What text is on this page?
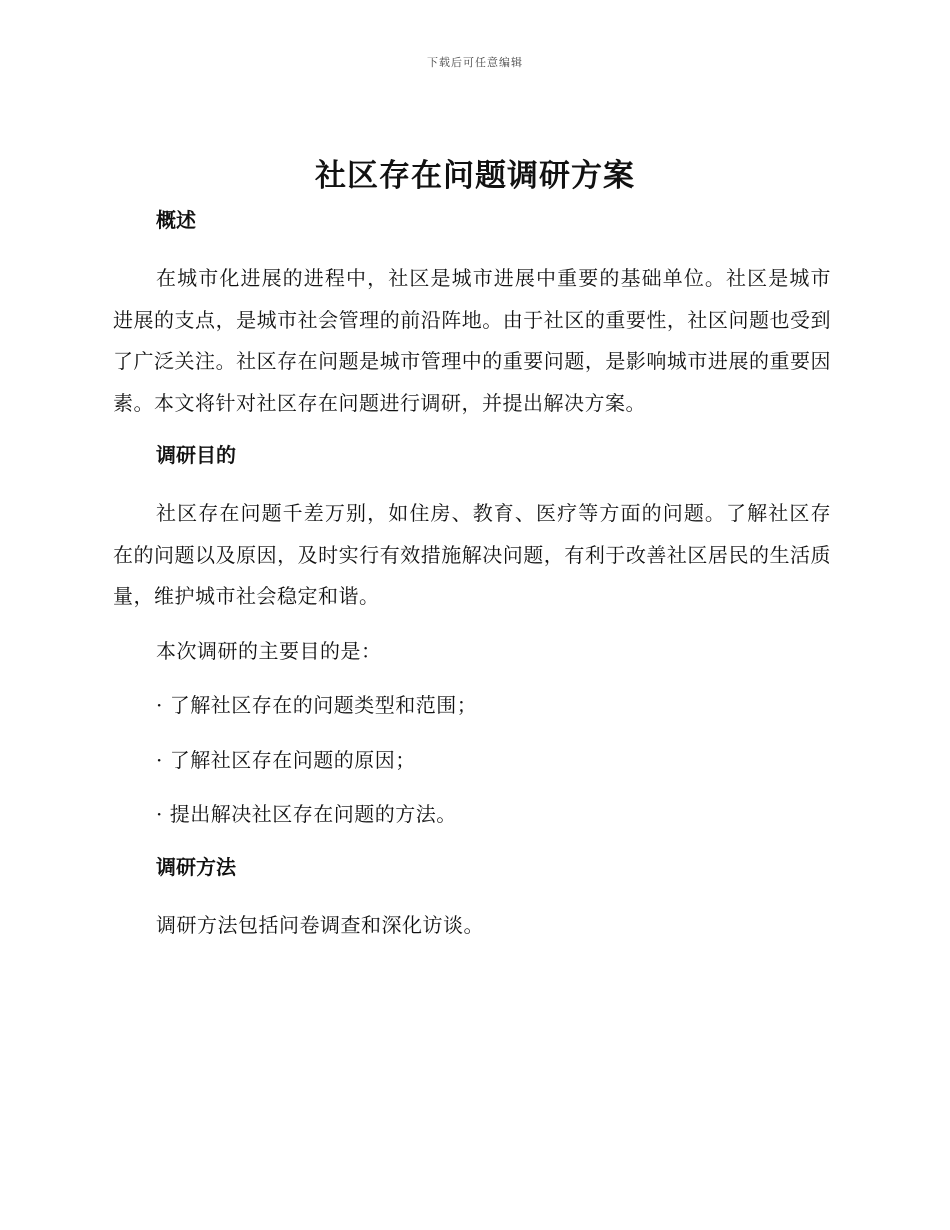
下载后可任意编辑
社区存在问题调研方案
概述

在城市化进展的进程中，社区是城市进展中重要的基础单位。社区是城市进展的支点，是城市社会管理的前沿阵地。由于社区的重要性，社区问题也受到了广泛关注。社区存在问题是城市管理中的重要问题，是影响城市进展的重要因素。本文将针对社区存在问题进行调研，并提出解决方案。

调研目的

社区存在问题千差万别，如住房、教育、医疗等方面的问题。了解社区存在的问题以及原因，及时实行有效措施解决问题，有利于改善社区居民的生活质量，维护城市社会稳定和谐。

本次调研的主要目的是：

· 了解社区存在的问题类型和范围；

· 了解社区存在问题的原因；

· 提出解决社区存在问题的方法。

调研方法

调研方法包括问卷调查和深化访谈。
